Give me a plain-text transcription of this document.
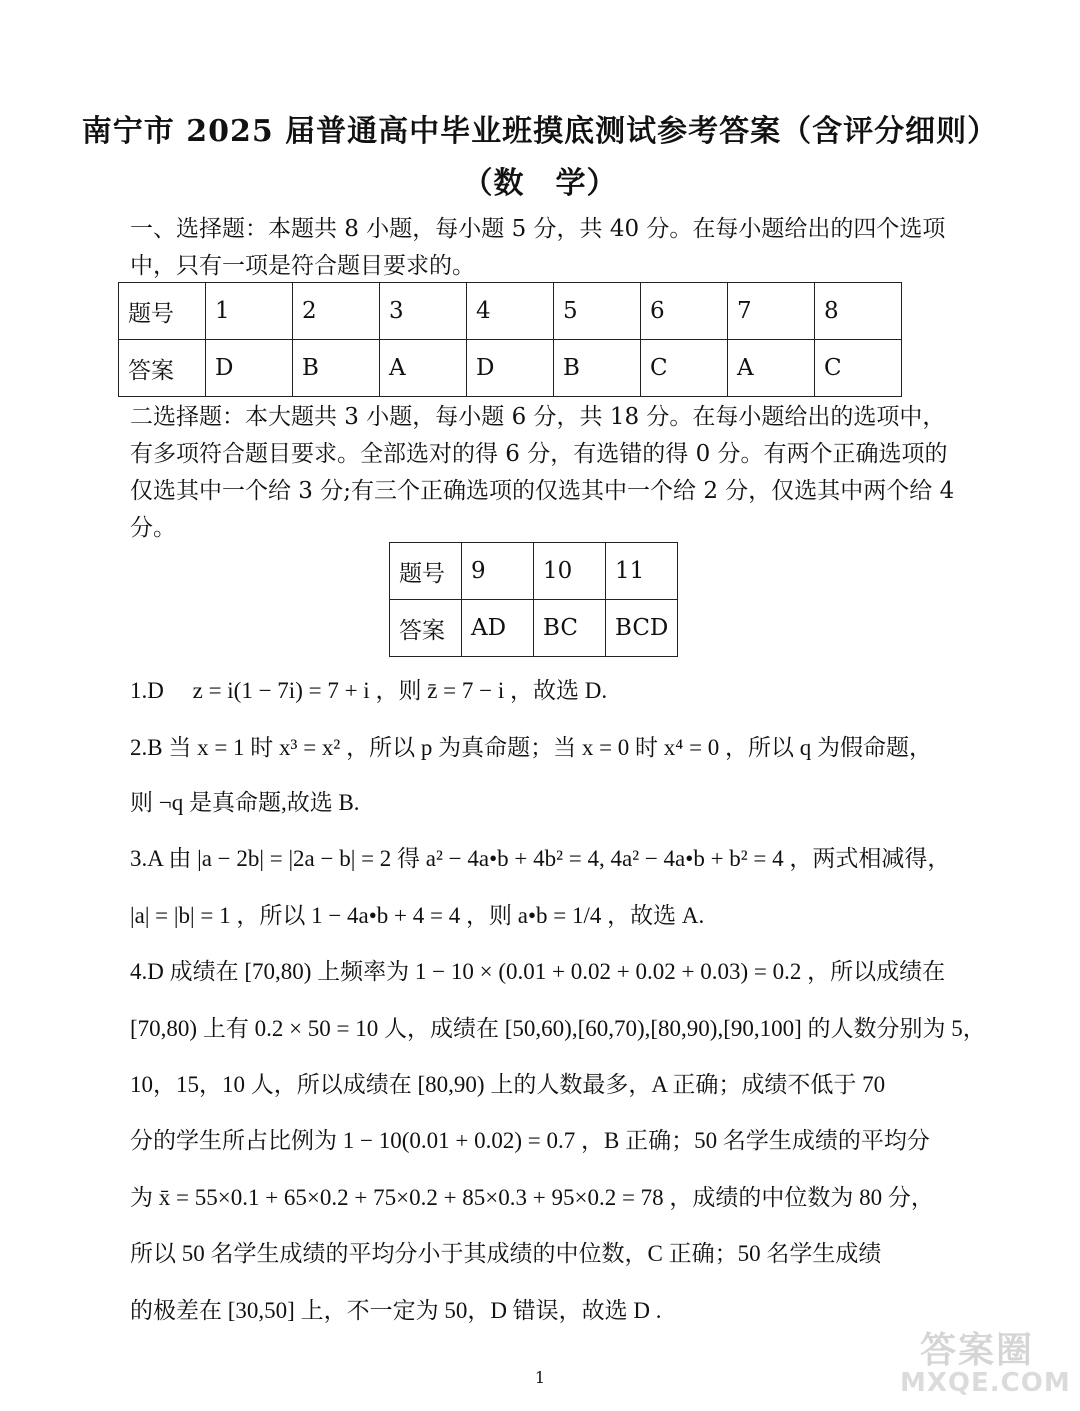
南宁市 2025 届普通高中毕业班摸底测试参考答案（含评分细则）
（数　学）
一、选择题：本题共 8 小题，每小题 5 分，共 40 分。在每小题给出的四个选项中，只有一项是符合题目要求的。
题号	1	2	3	4	5	6	7	8
答案	D	B	A	D	B	C	A	C
二选择题：本大题共 3 小题，每小题 6 分，共 18 分。在每小题给出的选项中，有多项符合题目要求。全部选对的得 6 分，有选错的得 0 分。有两个正确选项的仅选其中一个给 3 分;有三个正确选项的仅选其中一个给 2 分，仅选其中两个给 4 分。
题号	9	10	11
答案	AD	BC	BCD
1.D　 z = i(1 − 7i) = 7 + i ，则 z̄ = 7 − i ，故选 D.
2.B 当 x = 1 时 x³ = x² ，所以 p 为真命题；当 x = 0 时 x⁴ = 0 ，所以 q 为假命题，
则 ¬q 是真命题,故选 B.
3.A 由 |a − 2b| = |2a − b| = 2 得 a² − 4a•b + 4b² = 4, 4a² − 4a•b + b² = 4 ，两式相减得，
|a| = |b| = 1 ，所以 1 − 4a•b + 4 = 4 ，则 a•b = 1/4 ，故选 A.
4.D 成绩在 [70,80) 上频率为 1 − 10 × (0.01 + 0.02 + 0.02 + 0.03) = 0.2 ，所以成绩在
[70,80) 上有 0.2 × 50 = 10 人，成绩在 [50,60),[60,70),[80,90),[90,100] 的人数分别为 5，
10，15，10 人，所以成绩在 [80,90) 上的人数最多，A 正确；成绩不低于 70
分的学生所占比例为 1 − 10(0.01 + 0.02) = 0.7 ，B 正确；50 名学生成绩的平均分
为 x̄ = 55×0.1 + 65×0.2 + 75×0.2 + 85×0.3 + 95×0.2 = 78 ，成绩的中位数为 80 分，
所以 50 名学生成绩的平均分小于其成绩的中位数，C 正确；50 名学生成绩
的极差在 [30,50] 上，不一定为 50，D 错误，故选 D .
1
答案圈
MXQE.COM
